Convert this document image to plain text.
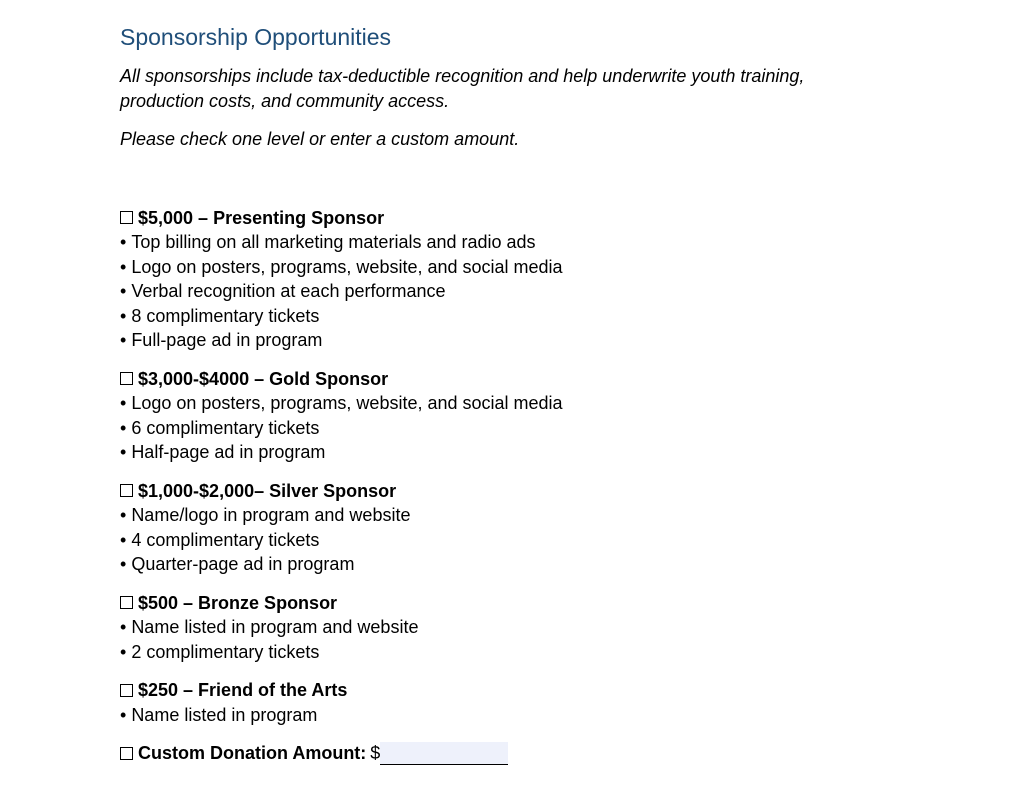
Sponsorship Opportunities

All sponsorships include tax-deductible recognition and help underwrite youth training, production costs, and community access.

Please check one level or enter a custom amount.

$5,000 – Presenting Sponsor
• Top billing on all marketing materials and radio ads
• Logo on posters, programs, website, and social media
• Verbal recognition at each performance
• 8 complimentary tickets
• Full-page ad in program
$3,000-$4000 – Gold Sponsor
• Logo on posters, programs, website, and social media
• 6 complimentary tickets
• Half-page ad in program
$1,000-$2,000– Silver Sponsor
• Name/logo in program and website
• 4 complimentary tickets
• Quarter-page ad in program
$500 – Bronze Sponsor
• Name listed in program and website
• 2 complimentary tickets
$250 – Friend of the Arts
• Name listed in program
Custom Donation Amount: $
